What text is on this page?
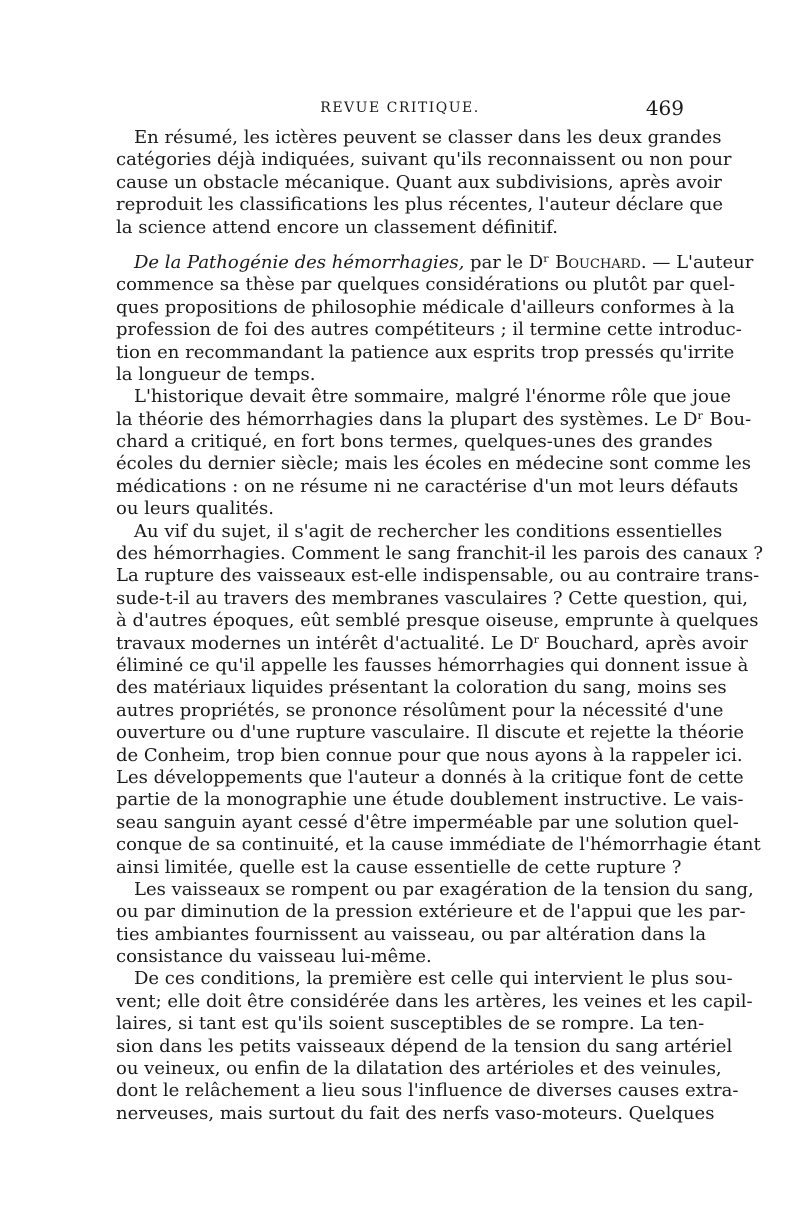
REVUE CRITIQUE.	469
En résumé, les ictères peuvent se classer dans les deux grandes
catégories déjà indiquées, suivant qu'ils reconnaissent ou non pour
cause un obstacle mécanique. Quant aux subdivisions, après avoir
reproduit les classifications les plus récentes, l'auteur déclare que
la science attend encore un classement définitif.
De la Pathogénie des hémorrhagies, par le Dʳ Bouchard. — L'auteur
commence sa thèse par quelques considérations ou plutôt par quel-
ques propositions de philosophie médicale d'ailleurs conformes à la
profession de foi des autres compétiteurs ; il termine cette introduc-
tion en recommandant la patience aux esprits trop pressés qu'irrite
la longueur de temps.
L'historique devait être sommaire, malgré l'énorme rôle que joue
la théorie des hémorrhagies dans la plupart des systèmes. Le Dʳ Bou-
chard a critiqué, en fort bons termes, quelques-unes des grandes
écoles du dernier siècle; mais les écoles en médecine sont comme les
médications : on ne résume ni ne caractérise d'un mot leurs défauts
ou leurs qualités.
Au vif du sujet, il s'agit de rechercher les conditions essentielles
des hémorrhagies. Comment le sang franchit-il les parois des canaux ?
La rupture des vaisseaux est-elle indispensable, ou au contraire trans-
sude-t-il au travers des membranes vasculaires ? Cette question, qui,
à d'autres époques, eût semblé presque oiseuse, emprunte à quelques
travaux modernes un intérêt d'actualité. Le Dʳ Bouchard, après avoir
éliminé ce qu'il appelle les fausses hémorrhagies qui donnent issue à
des matériaux liquides présentant la coloration du sang, moins ses
autres propriétés, se prononce résolûment pour la nécessité d'une
ouverture ou d'une rupture vasculaire. Il discute et rejette la théorie
de Conheim, trop bien connue pour que nous ayons à la rappeler ici.
Les développements que l'auteur a donnés à la critique font de cette
partie de la monographie une étude doublement instructive. Le vais-
seau sanguin ayant cessé d'être imperméable par une solution quel-
conque de sa continuité, et la cause immédiate de l'hémorrhagie étant
ainsi limitée, quelle est la cause essentielle de cette rupture ?
Les vaisseaux se rompent ou par exagération de la tension du sang,
ou par diminution de la pression extérieure et de l'appui que les par-
ties ambiantes fournissent au vaisseau, ou par altération dans la
consistance du vaisseau lui-même.
De ces conditions, la première est celle qui intervient le plus sou-
vent; elle doit être considérée dans les artères, les veines et les capil-
laires, si tant est qu'ils soient susceptibles de se rompre. La ten-
sion dans les petits vaisseaux dépend de la tension du sang artériel
ou veineux, ou enfin de la dilatation des artérioles et des veinules,
dont le relâchement a lieu sous l'influence de diverses causes extra-
nerveuses, mais surtout du fait des nerfs vaso-moteurs. Quelques
